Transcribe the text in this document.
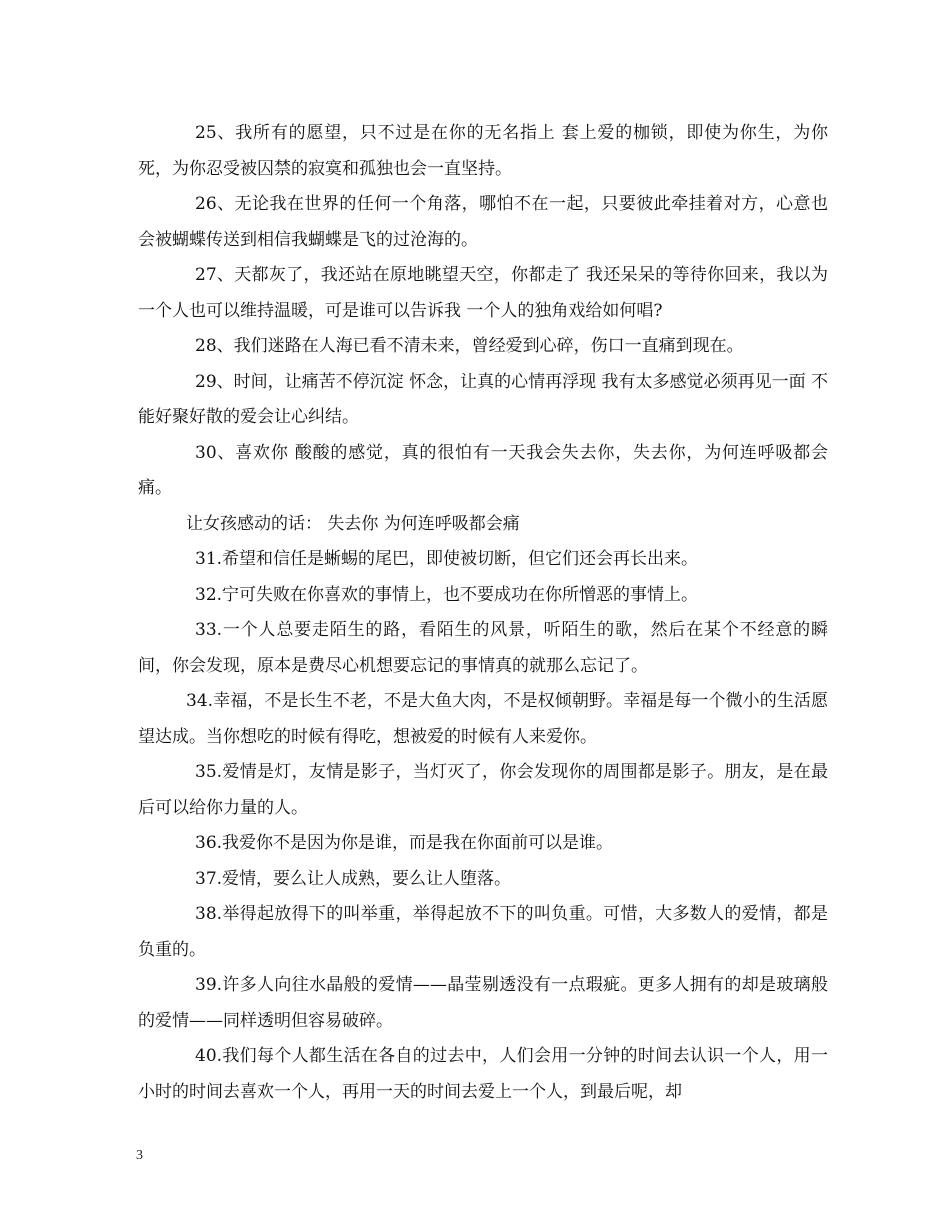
25、我所有的愿望，只不过是在你的无名指上 套上爱的枷锁，即使为你生，为你死，为你忍受被囚禁的寂寞和孤独也会一直坚持。

26、无论我在世界的任何一个角落，哪怕不在一起，只要彼此牵挂着对方，心意也会被蝴蝶传送到相信我蝴蝶是飞的过沧海的。

27、天都灰了，我还站在原地眺望天空，你都走了 我还呆呆的等待你回来，我以为一个人也可以维持温暖，可是谁可以告诉我 一个人的独角戏给如何唱?

28、我们迷路在人海已看不清未来，曾经爱到心碎，伤口一直痛到现在。

29、时间，让痛苦不停沉淀 怀念，让真的心情再浮现 我有太多感觉必须再见一面 不能好聚好散的爱会让心纠结。

30、喜欢你 酸酸的感觉，真的很怕有一天我会失去你，失去你，为何连呼吸都会痛。

让女孩感动的话： 失去你 为何连呼吸都会痛

31.希望和信任是蜥蜴的尾巴，即使被切断，但它们还会再长出来。

32.宁可失败在你喜欢的事情上，也不要成功在你所憎恶的事情上。

33.一个人总要走陌生的路，看陌生的风景，听陌生的歌，然后在某个不经意的瞬间，你会发现，原本是费尽心机想要忘记的事情真的就那么忘记了。

34.幸福，不是长生不老，不是大鱼大肉，不是权倾朝野。幸福是每一个微小的生活愿望达成。当你想吃的时候有得吃，想被爱的时候有人来爱你。

35.爱情是灯，友情是影子，当灯灭了，你会发现你的周围都是影子。朋友，是在最后可以给你力量的人。

36.我爱你不是因为你是谁，而是我在你面前可以是谁。

37.爱情，要么让人成熟，要么让人堕落。

38.举得起放得下的叫举重，举得起放不下的叫负重。可惜，大多数人的爱情，都是负重的。

39.许多人向往水晶般的爱情——晶莹剔透没有一点瑕疵。更多人拥有的却是玻璃般的爱情——同样透明但容易破碎。

40.我们每个人都生活在各自的过去中，人们会用一分钟的时间去认识一个人，用一小时的时间去喜欢一个人，再用一天的时间去爱上一个人，到最后呢，却

3
